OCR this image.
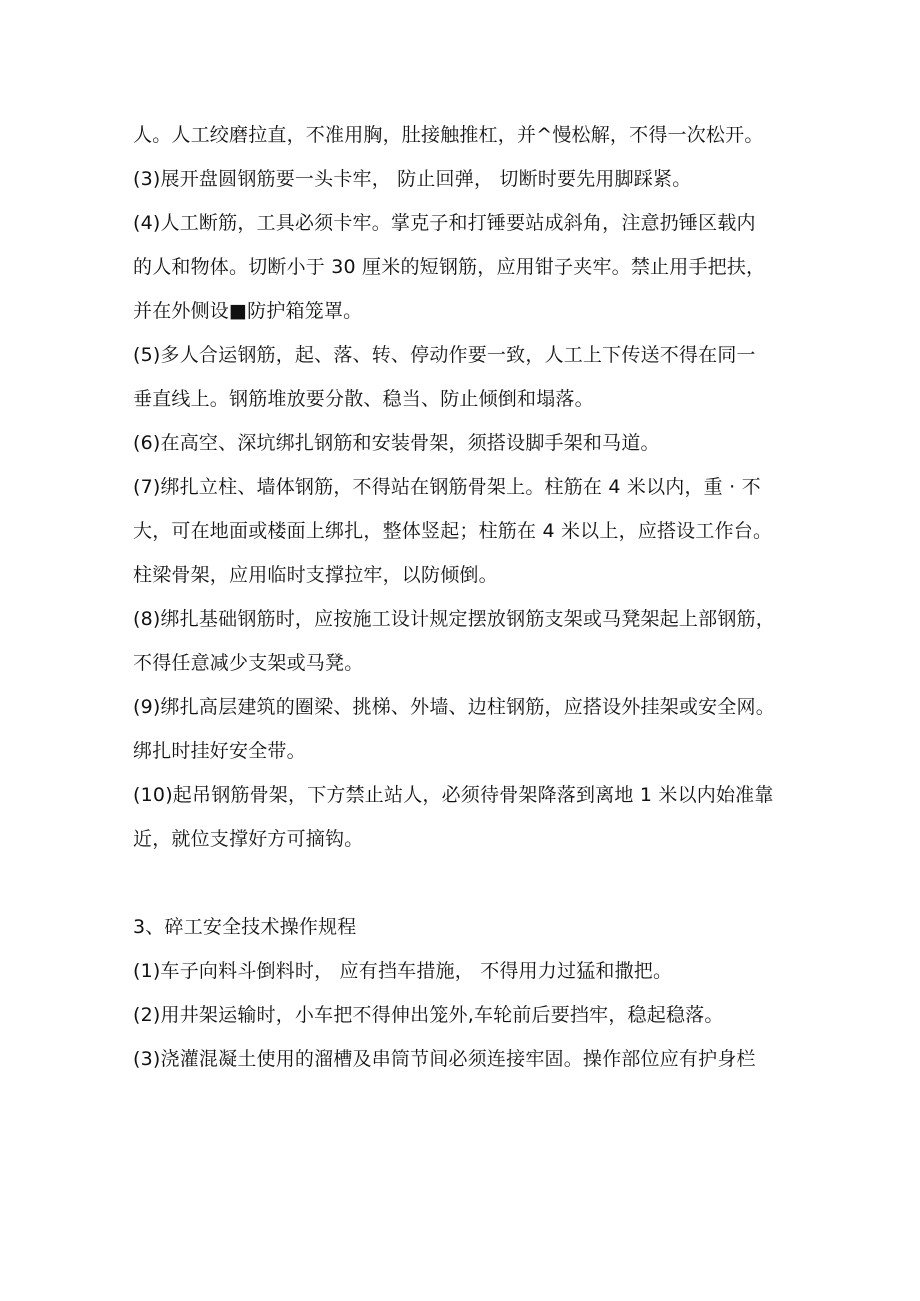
人。人工绞磨拉直，不准用胸，肚接触推杠，并^慢松解，不得一次松开。
(3)展开盘圆钢筋要一头卡牢， 防止回弹， 切断时要先用脚踩紧。
(4)人工断筋，工具必须卡牢。掌克子和打锤要站成斜角，注意扔锤区载内
的人和物体。切断小于 30 厘米的短钢筋，应用钳子夹牢。禁止用手把扶，
并在外侧设■防护箱笼罩。
(5)多人合运钢筋，起、落、转、停动作要一致，人工上下传送不得在同一
垂直线上。钢筋堆放要分散、稳当、防止倾倒和塌落。
(6)在高空、深坑绑扎钢筋和安装骨架，须搭设脚手架和马道。
(7)绑扎立柱、墙体钢筋，不得站在钢筋骨架上。柱筋在 4 米以内，重 · 不
大，可在地面或楼面上绑扎，整体竖起；柱筋在 4 米以上，应搭设工作台。
柱梁骨架，应用临时支撑拉牢，以防倾倒。
(8)绑扎基础钢筋时，应按施工设计规定摆放钢筋支架或马凳架起上部钢筋，
不得任意减少支架或马凳。
(9)绑扎高层建筑的圈梁、挑梯、外墙、边柱钢筋，应搭设外挂架或安全网。
绑扎时挂好安全带。
(10)起吊钢筋骨架，下方禁止站人，必须待骨架降落到离地 1 米以内始准靠
近，就位支撑好方可摘钩。
3、碎工安全技术操作规程
(1)车子向料斗倒料时， 应有挡车措施， 不得用力过猛和撒把。
(2)用井架运输时，小车把不得伸出笼外,车轮前后要挡牢，稳起稳落。
(3)浇灌混凝土使用的溜槽及串筒节间必须连接牢固。操作部位应有护身栏
